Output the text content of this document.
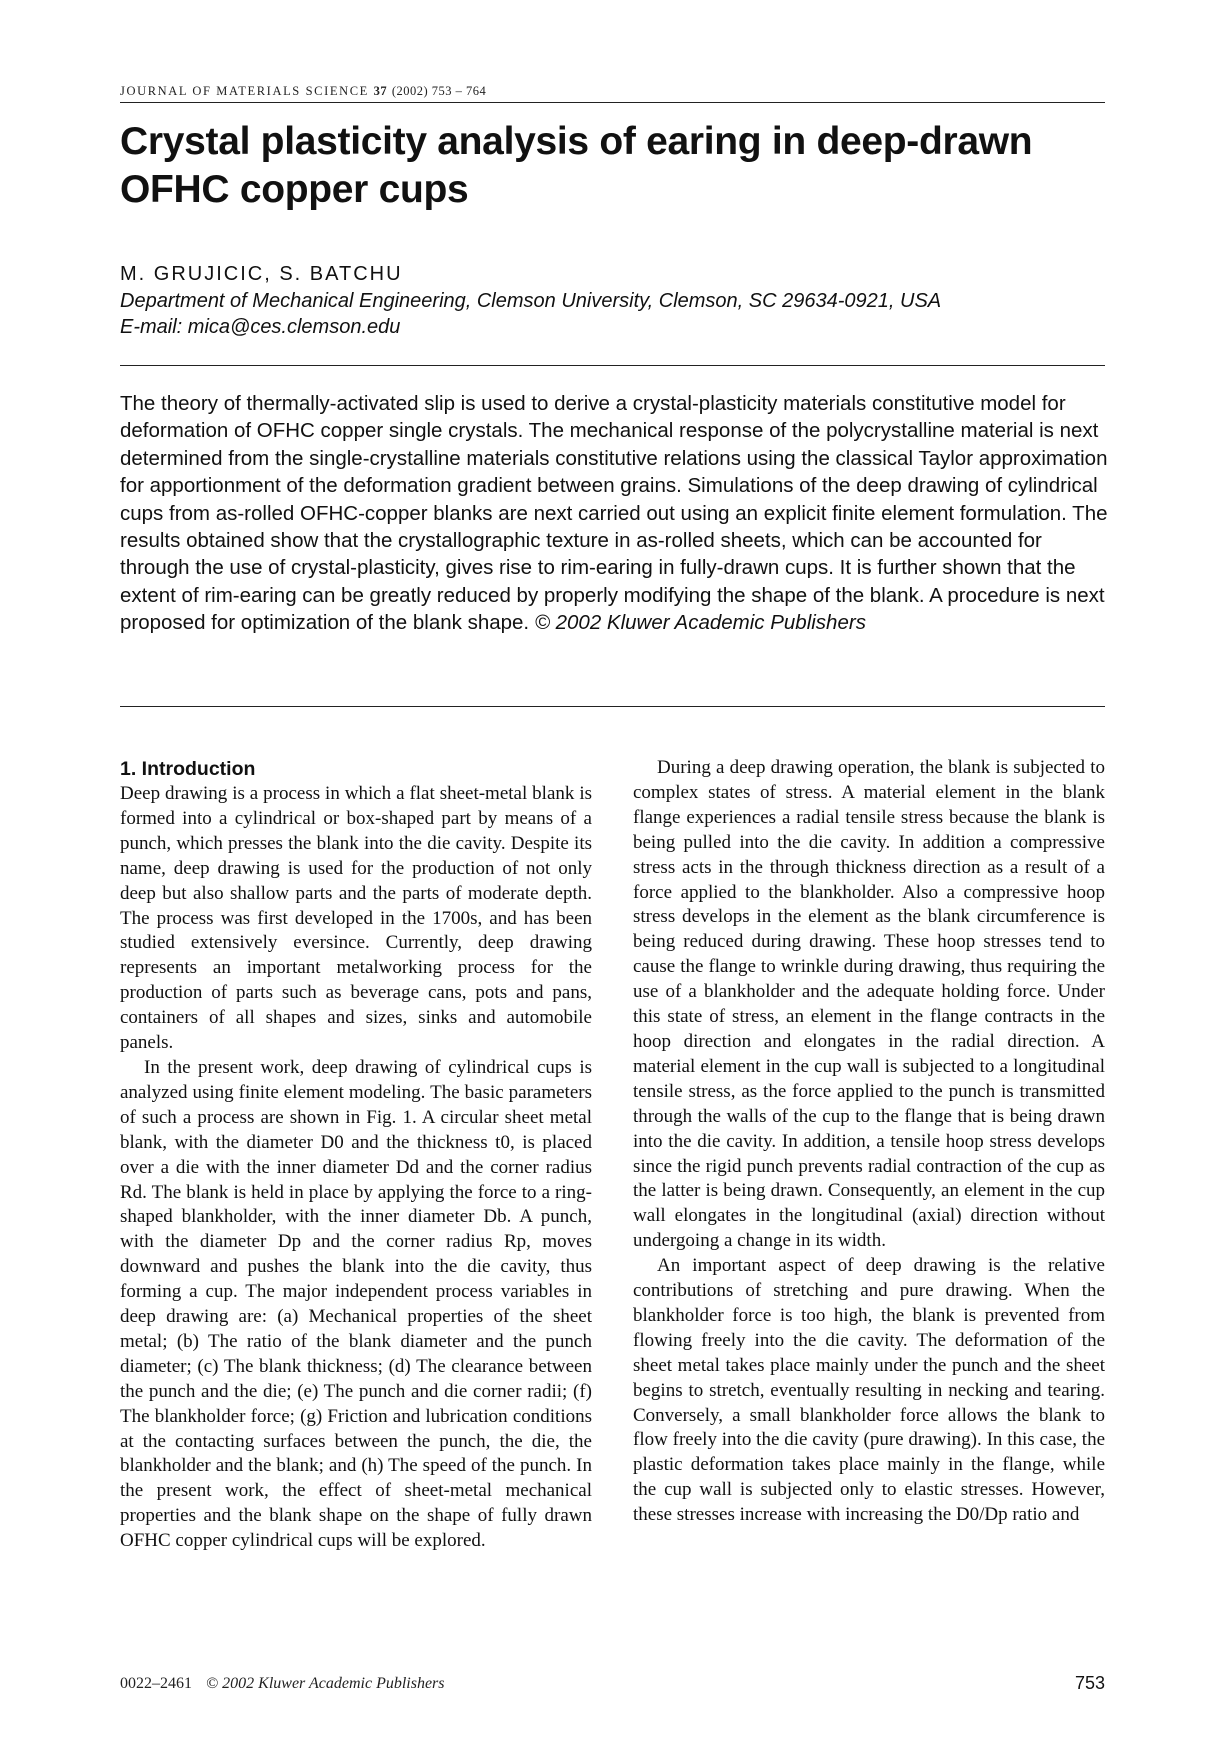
JOURNAL OF MATERIALS SCIENCE 37 (2002) 753 – 764
Crystal plasticity analysis of earing in deep-drawn OFHC copper cups
M. GRUJICIC, S. BATCHU
Department of Mechanical Engineering, Clemson University, Clemson, SC 29634-0921, USA
E-mail: mica@ces.clemson.edu

The theory of thermally-activated slip is used to derive a crystal-plasticity materials constitutive model for deformation of OFHC copper single crystals. The mechanical response of the polycrystalline material is next determined from the single-crystalline materials constitutive relations using the classical Taylor approximation for apportionment of the deformation gradient between grains. Simulations of the deep drawing of cylindrical cups from as-rolled OFHC-copper blanks are next carried out using an explicit finite element formulation. The results obtained show that the crystallographic texture in as-rolled sheets, which can be accounted for through the use of crystal-plasticity, gives rise to rim-earing in fully-drawn cups. It is further shown that the extent of rim-earing can be greatly reduced by properly modifying the shape of the blank. A procedure is next proposed for optimization of the blank shape. © 2002 Kluwer Academic Publishers

1. Introduction

Deep drawing is a process in which a flat sheet-metal blank is formed into a cylindrical or box-shaped part by means of a punch, which presses the blank into the die cavity. Despite its name, deep drawing is used for the production of not only deep but also shallow parts and the parts of moderate depth. The process was first developed in the 1700s, and has been studied extensively eversince. Currently, deep drawing represents an important metalworking process for the production of parts such as beverage cans, pots and pans, containers of all shapes and sizes, sinks and automobile panels.

In the present work, deep drawing of cylindrical cups is analyzed using finite element modeling. The basic parameters of such a process are shown in Fig. 1. A circular sheet metal blank, with the diameter D0 and the thickness t0, is placed over a die with the inner diameter Dd and the corner radius Rd. The blank is held in place by applying the force to a ring-shaped blankholder, with the inner diameter Db. A punch, with the diameter Dp and the corner radius Rp, moves downward and pushes the blank into the die cavity, thus forming a cup. The major independent process variables in deep drawing are: (a) Mechanical properties of the sheet metal; (b) The ratio of the blank diameter and the punch diameter; (c) The blank thickness; (d) The clearance between the punch and the die; (e) The punch and die corner radii; (f) The blankholder force; (g) Friction and lubrication conditions at the contacting surfaces between the punch, the die, the blankholder and the blank; and (h) The speed of the punch. In the present work, the effect of sheet-metal mechanical properties and the blank shape on the shape of fully drawn OFHC copper cylindrical cups will be explored.

During a deep drawing operation, the blank is subjected to complex states of stress. A material element in the blank flange experiences a radial tensile stress because the blank is being pulled into the die cavity. In addition a compressive stress acts in the through thickness direction as a result of a force applied to the blankholder. Also a compressive hoop stress develops in the element as the blank circumference is being reduced during drawing. These hoop stresses tend to cause the flange to wrinkle during drawing, thus requiring the use of a blankholder and the adequate holding force. Under this state of stress, an element in the flange contracts in the hoop direction and elongates in the radial direction. A material element in the cup wall is subjected to a longitudinal tensile stress, as the force applied to the punch is transmitted through the walls of the cup to the flange that is being drawn into the die cavity. In addition, a tensile hoop stress develops since the rigid punch prevents radial contraction of the cup as the latter is being drawn. Consequently, an element in the cup wall elongates in the longitudinal (axial) direction without undergoing a change in its width.

An important aspect of deep drawing is the relative contributions of stretching and pure drawing. When the blankholder force is too high, the blank is prevented from flowing freely into the die cavity. The deformation of the sheet metal takes place mainly under the punch and the sheet begins to stretch, eventually resulting in necking and tearing. Conversely, a small blankholder force allows the blank to flow freely into the die cavity (pure drawing). In this case, the plastic deformation takes place mainly in the flange, while the cup wall is subjected only to elastic stresses. However, these stresses increase with increasing the D0/Dp ratio and

0022–2461 © 2002 Kluwer Academic Publishers	753
